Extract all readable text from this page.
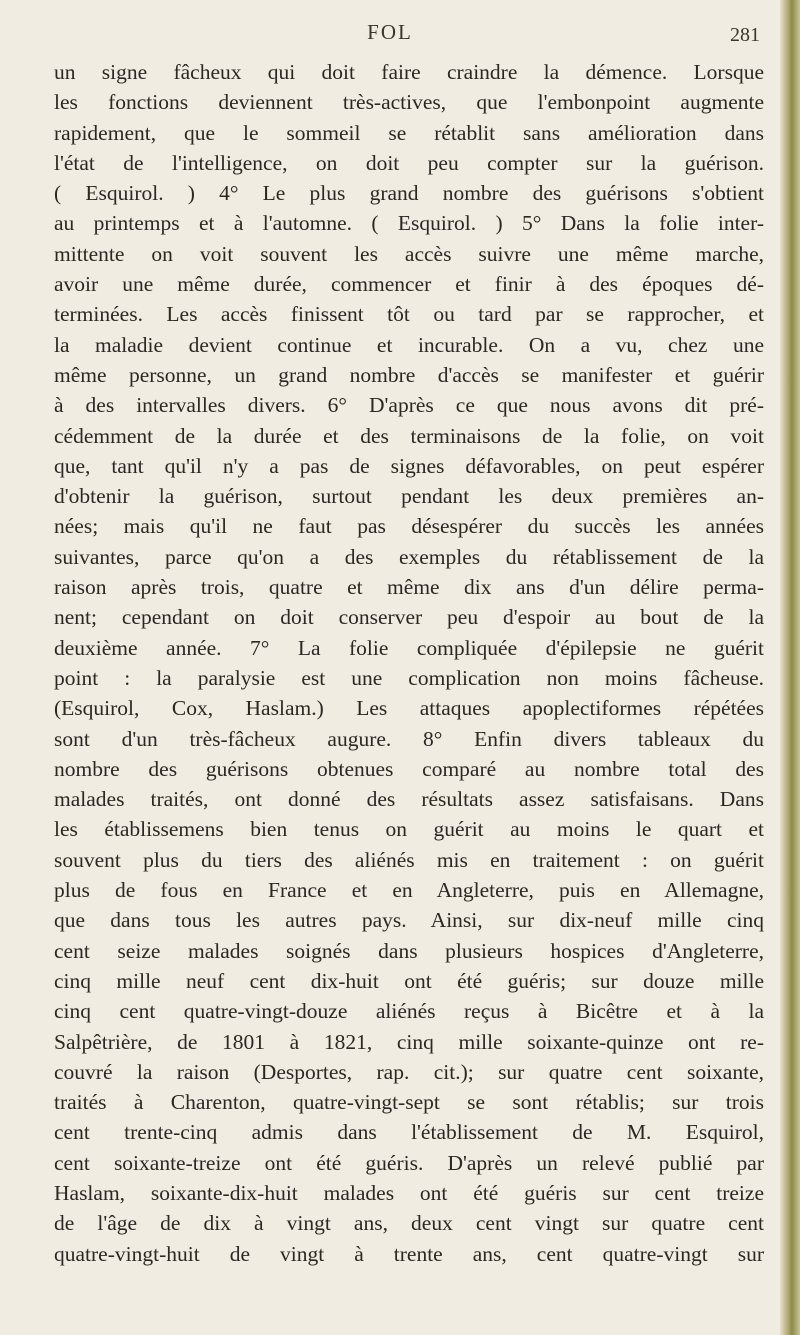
FOL	281
un signe fâcheux qui doit faire craindre la démence. Lorsque
les fonctions deviennent très-actives, que l'embonpoint augmente
rapidement, que le sommeil se rétablit sans amélioration dans
l'état de l'intelligence, on doit peu compter sur la guérison.
( Esquirol. ) 4° Le plus grand nombre des guérisons s'obtient
au printemps et à l'automne. ( Esquirol. ) 5° Dans la folie inter-
mittente on voit souvent les accès suivre une même marche,
avoir une même durée, commencer et finir à des époques dé-
terminées. Les accès finissent tôt ou tard par se rapprocher, et
la maladie devient continue et incurable. On a vu, chez une
même personne, un grand nombre d'accès se manifester et guérir
à des intervalles divers. 6° D'après ce que nous avons dit pré-
cédemment de la durée et des terminaisons de la folie, on voit
que, tant qu'il n'y a pas de signes défavorables, on peut espérer
d'obtenir la guérison, surtout pendant les deux premières an-
nées; mais qu'il ne faut pas désespérer du succès les années
suivantes, parce qu'on a des exemples du rétablissement de la
raison après trois, quatre et même dix ans d'un délire perma-
nent; cependant on doit conserver peu d'espoir au bout de la
deuxième année. 7° La folie compliquée d'épilepsie ne guérit
point : la paralysie est une complication non moins fâcheuse.
(Esquirol, Cox, Haslam.) Les attaques apoplectiformes répétées
sont d'un très-fâcheux augure. 8° Enfin divers tableaux du
nombre des guérisons obtenues comparé au nombre total des
malades traités, ont donné des résultats assez satisfaisans. Dans
les établissemens bien tenus on guérit au moins le quart et
souvent plus du tiers des aliénés mis en traitement : on guérit
plus de fous en France et en Angleterre, puis en Allemagne,
que dans tous les autres pays. Ainsi, sur dix-neuf mille cinq
cent seize malades soignés dans plusieurs hospices d'Angleterre,
cinq mille neuf cent dix-huit ont été guéris; sur douze mille
cinq cent quatre-vingt-douze aliénés reçus à Bicêtre et à la
Salpêtrière, de 1801 à 1821, cinq mille soixante-quinze ont re-
couvré la raison (Desportes, rap. cit.); sur quatre cent soixante,
traités à Charenton, quatre-vingt-sept se sont rétablis; sur trois
cent trente-cinq admis dans l'établissement de M. Esquirol,
cent soixante-treize ont été guéris. D'après un relevé publié par
Haslam, soixante-dix-huit malades ont été guéris sur cent treize
de l'âge de dix à vingt ans, deux cent vingt sur quatre cent
quatre-vingt-huit de vingt à trente ans, cent quatre-vingt sur
